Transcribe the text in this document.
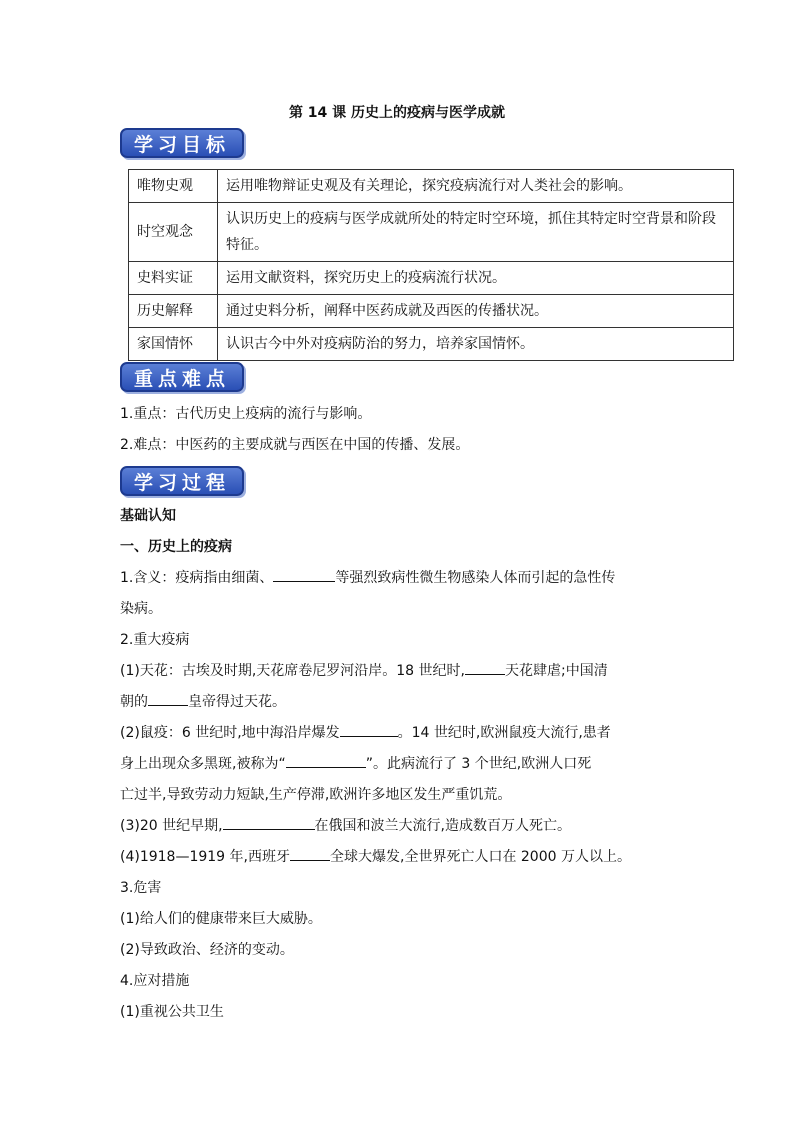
第 14 课 历史上的疫病与医学成就
学习目标
唯物史观	运用唯物辩证史观及有关理论，探究疫病流行对人类社会的影响。
时空观念	认识历史上的疫病与医学成就所处的特定时空环境，抓住其特定时空背景和阶段特征。
史料实证	运用文献资料，探究历史上的疫病流行状况。
历史解释	通过史料分析，阐释中医药成就及西医的传播状况。
家国情怀	认识古今中外对疫病防治的努力，培养家国情怀。
重点难点
1.重点：古代历史上疫病的流行与影响。
2.难点：中医药的主要成就与西医在中国的传播、发展。
学习过程
基础认知
一、历史上的疫病
1.含义：疫病指由细菌、	等强烈致病性微生物感染人体而引起的急性传
染病。
2.重大疫病
(1)天花：古埃及时期,天花席卷尼罗河沿岸。18 世纪时,	天花肆虐;中国清
朝的	皇帝得过天花。
(2)鼠疫：6 世纪时,地中海沿岸爆发	。14 世纪时,欧洲鼠疫大流行,患者
身上出现众多黑斑,被称为“	”。此病流行了 3 个世纪,欧洲人口死
亡过半,导致劳动力短缺,生产停滞,欧洲许多地区发生严重饥荒。
(3)20 世纪早期,	在俄国和波兰大流行,造成数百万人死亡。
(4)1918—1919 年,西班牙	全球大爆发,全世界死亡人口在 2000 万人以上。
3.危害
(1)给人们的健康带来巨大威胁。
(2)导致政治、经济的变动。
4.应对措施
(1)重视公共卫生
